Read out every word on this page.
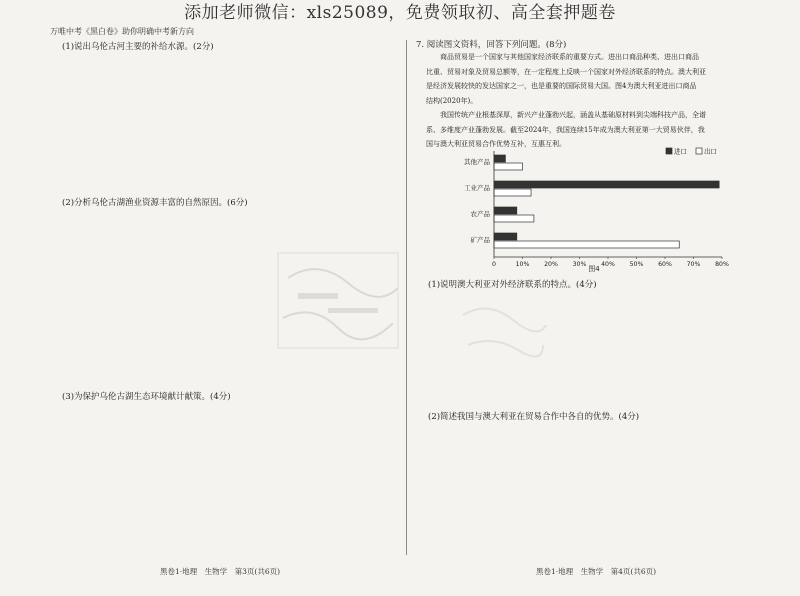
添加老师微信：xls25089，免费领取初、高全套押题卷
万唯中考《黑白卷》助你明确中考新方向
(1)说出乌伦古河主要的补给水源。(2分)
(2)分析乌伦古湖渔业资源丰富的自然原因。(6分)
(3)为保护乌伦古湖生态环境献计献策。(4分)
黑卷1·地理　生物学　第3页(共6页)
7. 阅读图文资料，回答下列问题。(8分)
　　商品贸易是一个国家与其他国家经济联系的重要方式。进出口商品种类、进出口商品
比重、贸易对象及贸易总额等，在一定程度上反映一个国家对外经济联系的特点。澳大利亚
是经济发展较快的发达国家之一，也是重要的国际贸易大国。图4为澳大利亚进出口商品
结构(2020年)。
　　我国传统产业根基深厚，新兴产业蓬勃兴起，涵盖从基础原材料到尖端科技产品，全谱
系、多维度产业蓬勃发展。截至2024年，我国连续15年成为澳大利亚第一大贸易伙伴，我
国与澳大利亚贸易合作优势互补，互惠互利。
(1)说明澳大利亚对外经济联系的特点。(4分)
(2)简述我国与澳大利亚在贸易合作中各自的优势。(4分)
黑卷1·地理　生物学　第4页(共6页)
进口	出口
0	10% 20% 30% 40% 50% 60% 70% 80%
其他产品
工业产品
农产品
矿产品
图4
